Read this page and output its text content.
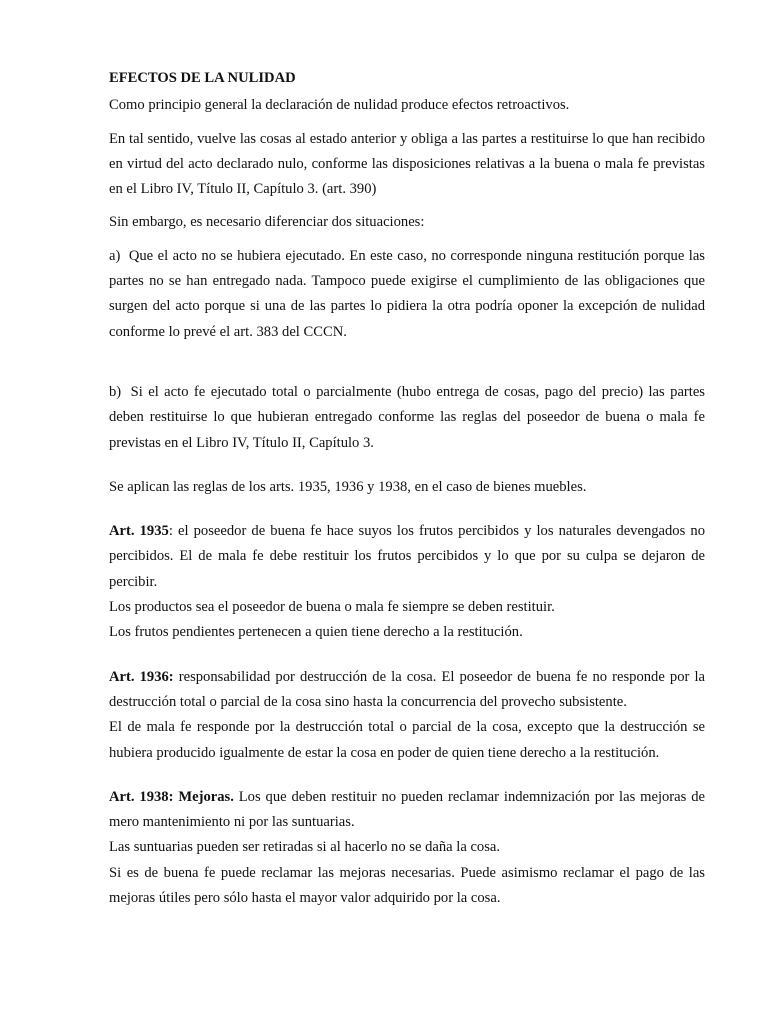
EFECTOS DE LA NULIDAD

Como principio general la declaración de nulidad produce efectos retroactivos.

En tal sentido, vuelve las cosas al estado anterior y obliga a las partes a restituirse lo que han recibido en virtud del acto declarado nulo, conforme las disposiciones relativas a la buena o mala fe previstas en el Libro IV, Título II, Capítulo 3. (art. 390)

Sin embargo, es necesario diferenciar dos situaciones:

a) Que el acto no se hubiera ejecutado. En este caso, no corresponde ninguna restitución porque las partes no se han entregado nada. Tampoco puede exigirse el cumplimiento de las obligaciones que surgen del acto porque si una de las partes lo pidiera la otra podría oponer la excepción de nulidad conforme lo prevé el art. 383 del CCCN.

b) Si el acto fe ejecutado total o parcialmente (hubo entrega de cosas, pago del precio) las partes deben restituirse lo que hubieran entregado conforme las reglas del poseedor de buena o mala fe previstas en el Libro IV, Título II, Capítulo 3.

Se aplican las reglas de los arts. 1935, 1936 y 1938, en el caso de bienes muebles.

Art. 1935: el poseedor de buena fe hace suyos los frutos percibidos y los naturales devengados no percibidos. El de mala fe debe restituir los frutos percibidos y lo que por su culpa se dejaron de percibir.

Los productos sea el poseedor de buena o mala fe siempre se deben restituir.

Los frutos pendientes pertenecen a quien tiene derecho a la restitución.

Art. 1936: responsabilidad por destrucción de la cosa. El poseedor de buena fe no responde por la destrucción total o parcial de la cosa sino hasta la concurrencia del provecho subsistente.

El de mala fe responde por la destrucción total o parcial de la cosa, excepto que la destrucción se hubiera producido igualmente de estar la cosa en poder de quien tiene derecho a la restitución.

Art. 1938: Mejoras. Los que deben restituir no pueden reclamar indemnización por las mejoras de mero mantenimiento ni por las suntuarias.

Las suntuarias pueden ser retiradas si al hacerlo no se daña la cosa.

Si es de buena fe puede reclamar las mejoras necesarias. Puede asimismo reclamar el pago de las mejoras útiles pero sólo hasta el mayor valor adquirido por la cosa.
